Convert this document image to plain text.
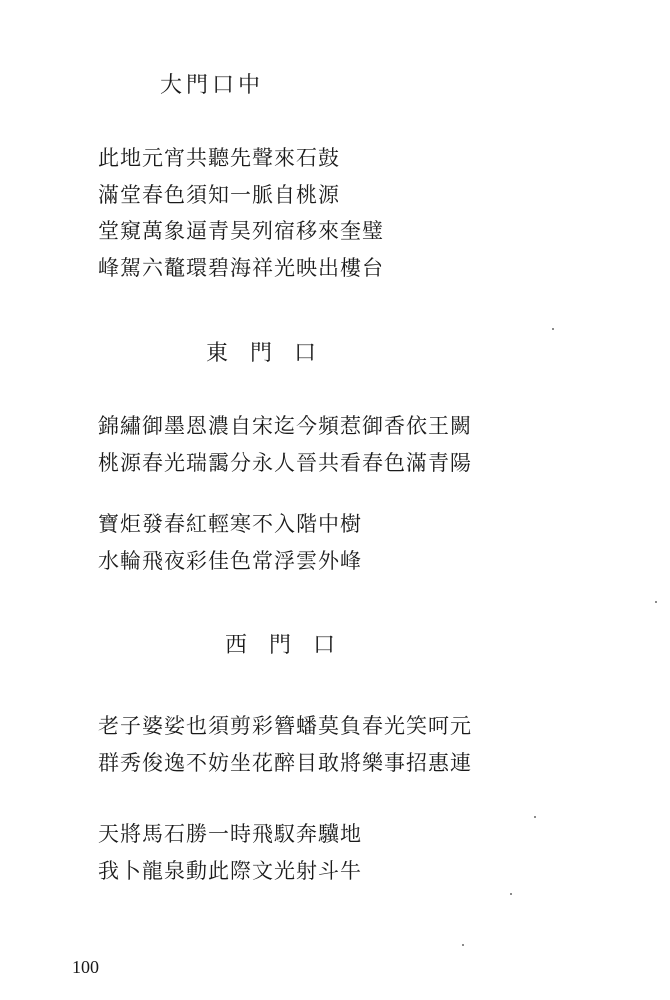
大門口中
此地元宵共聽先聲來石鼓
滿堂春色須知一脈自桃源
堂窺萬象逼青昊列宿移來奎璧
峰駕六鼇環碧海祥光映出樓台
東門口
錦繡御墨恩濃自宋迄今頻惹御香依王闕
桃源春光瑞靄分永人晉共看春色滿青陽
寶炬發春紅輕寒不入階中樹
水輪飛夜彩佳色常浮雲外峰
西門口
老子婆娑也須剪彩簪蟠莫負春光笑呵元
群秀俊逸不妨坐花醉目敢將樂事招惠連
天將馬石勝一時飛馭奔驥地
我卜龍泉動此際文光射斗牛
100
